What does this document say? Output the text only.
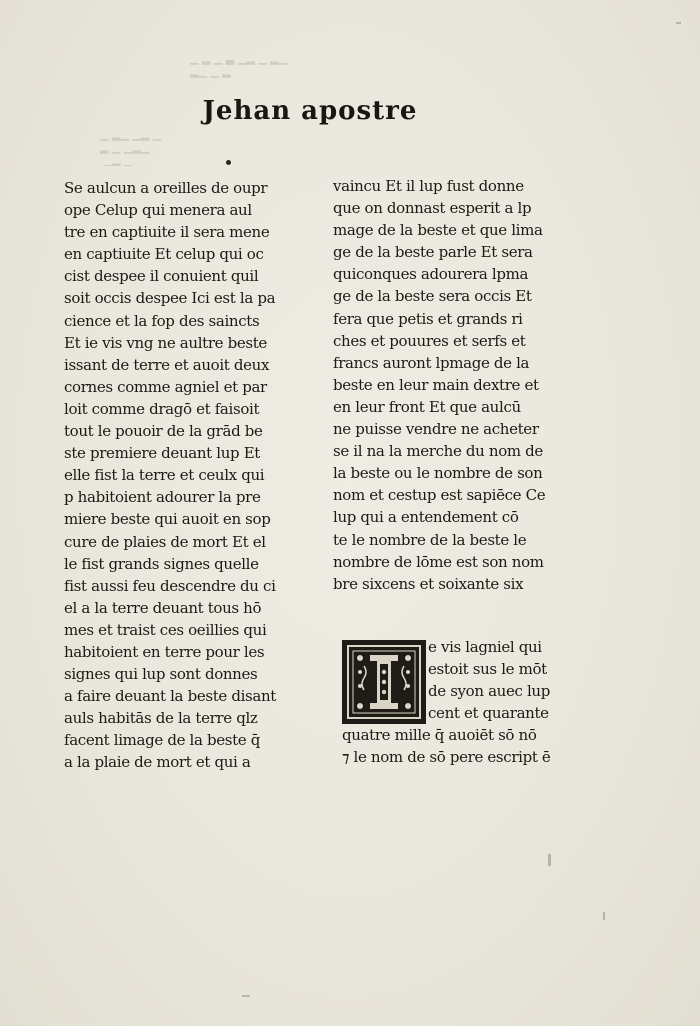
▁ ▂ ▁ ▃ ▁▂ ▁ ▂▁
▂▁ ▁ ▂
▁ ▂▁ ▁▂ ▁
▂ ▁ ▁▂▁
▁▂ ▁
Jehan apostre
Se aulcun a oreilles de oupr
ope Celup qui menera aul
tre en captiuite il sera mene
en captiuite Et celup qui oc
cist despee il conuient quil
soit occis despee Ici est la pa
cience et la fop des saincts
Et ie vis vng ne aultre beste
issant de terre et auoit deux
cornes comme agniel et par
loit comme dragō et faisoit
tout le pouoir de la grād be
ste premiere deuant lup Et
elle fist la terre et ceulx qui
p habitoient adourer la pre
miere beste qui auoit en sop
cure de plaies de mort Et el
le fist grands signes quelle
fist aussi feu descendre du ci
el a la terre deuant tous hō
mes et traist ces oeillies qui
habitoient en terre pour les
signes qui lup sont donnes
a faire deuant la beste disant
auls habitās de la terre qlz
facent limage de la beste q̄
a la plaie de mort et qui a
vaincu Et il lup fust donne
que on donnast esperit a lp
mage de la beste et que lima
ge de la beste parle Et sera
quiconques adourera lpma
ge de la beste sera occis Et
fera que petis et grands ri
ches et pouures et serfs et
francs auront lpmage de la
beste en leur main dextre et
en leur front Et que aulcū
ne puisse vendre ne acheter
se il na la merche du nom de
la beste ou le nombre de son
nom et cestup est sapiēce Ce
lup qui a entendement cō
te le nombre de la beste le
nombre de lōme est son nom
bre sixcens et soixante six
e vis lagniel qui
estoit sus le mōt
de syon auec lup
cent et quarante
quatre mille q̄ auoiēt sō nō
⁊ le nom de sō pere escript ē
